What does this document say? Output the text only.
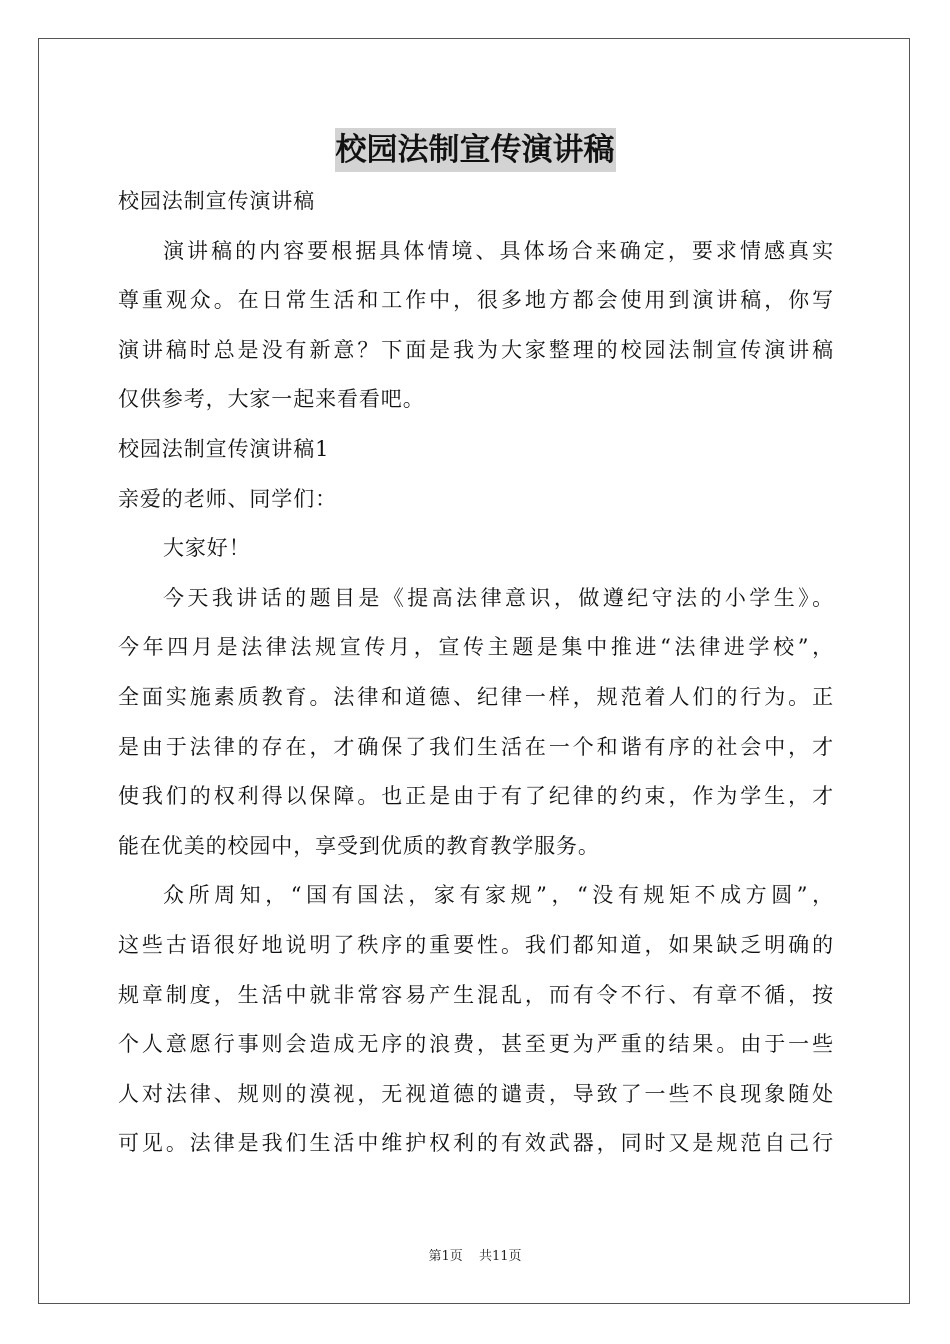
校园法制宣传演讲稿
校园法制宣传演讲稿
演讲稿的内容要根据具体情境、具体场合来确定，要求情感真实
尊重观众。在日常生活和工作中，很多地方都会使用到演讲稿，你写
演讲稿时总是没有新意？下面是我为大家整理的校园法制宣传演讲稿
仅供参考，大家一起来看看吧。
校园法制宣传演讲稿1
亲爱的老师、同学们：
大家好！
今天我讲话的题目是《提高法律意识，做遵纪守法的小学生》。
今年四月是法律法规宣传月，宣传主题是集中推进“法律进学校”，
全面实施素质教育。法律和道德、纪律一样，规范着人们的行为。正
是由于法律的存在，才确保了我们生活在一个和谐有序的社会中，才
使我们的权利得以保障。也正是由于有了纪律的约束，作为学生，才
能在优美的校园中，享受到优质的教育教学服务。
众所周知，“国有国法，家有家规”，“没有规矩不成方圆”，
这些古语很好地说明了秩序的重要性。我们都知道，如果缺乏明确的
规章制度，生活中就非常容易产生混乱，而有令不行、有章不循，按
个人意愿行事则会造成无序的浪费，甚至更为严重的结果。由于一些
人对法律、规则的漠视，无视道德的谴责，导致了一些不良现象随处
可见。法律是我们生活中维护权利的有效武器，同时又是规范自己行
第1页 共11页
